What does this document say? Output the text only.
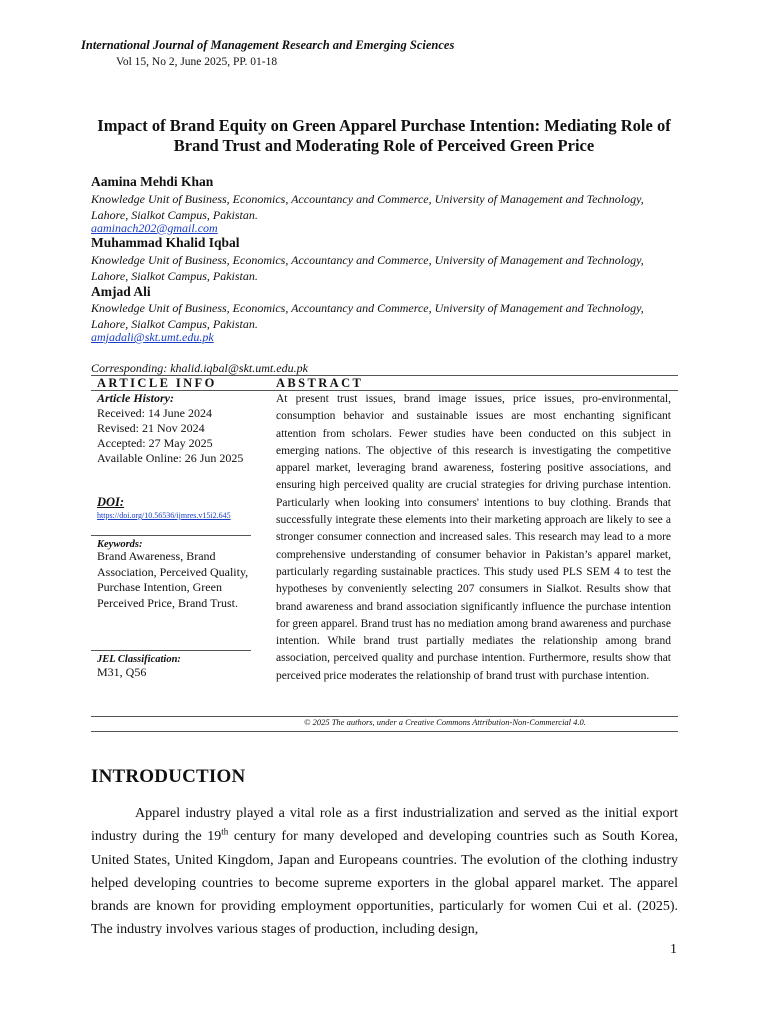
International Journal of Management Research and Emerging Sciences
Vol 15, No 2, June 2025, PP. 01-18
Impact of Brand Equity on Green Apparel Purchase Intention: Mediating Role of Brand Trust and Moderating Role of Perceived Green Price
Aamina Mehdi Khan
Knowledge Unit of Business, Economics, Accountancy and Commerce, University of Management and Technology, Lahore, Sialkot Campus, Pakistan.
aaminach202@gmail.com
Muhammad Khalid Iqbal
Knowledge Unit of Business, Economics, Accountancy and Commerce, University of Management and Technology, Lahore, Sialkot Campus, Pakistan.
Amjad Ali
Knowledge Unit of Business, Economics, Accountancy and Commerce, University of Management and Technology, Lahore, Sialkot Campus, Pakistan.
amjadali@skt.umt.edu.pk
Corresponding: khalid.iqbal@skt.umt.edu.pk
ARTICLE INFO	ABSTRACT
Article History:
Received: 14 June 2024
Revised: 21 Nov 2024
Accepted: 27 May 2025
Available Online: 26 Jun 2025
DOI:
https://doi.org/10.56536/ijmres.v15i2.645
Keywords:
Brand Awareness, Brand Association, Perceived Quality, Purchase Intention, Green Perceived Price, Brand Trust.
JEL Classification:
M31, Q56
At present trust issues, brand image issues, price issues, pro-environmental, consumption behavior and sustainable issues are most enchanting significant attention from scholars. Fewer studies have been conducted on this subject in emerging nations. The objective of this research is investigating the competitive apparel market, leveraging brand awareness, fostering positive associations, and ensuring high perceived quality are crucial strategies for driving purchase intention. Particularly when looking into consumers' intentions to buy clothing. Brands that successfully integrate these elements into their marketing approach are likely to see a stronger consumer connection and increased sales. This research may lead to a more comprehensive understanding of consumer behavior in Pakistan’s apparel market, particularly regarding sustainable practices. This study used PLS SEM 4 to test the hypotheses by conveniently selecting 207 consumers in Sialkot. Results show that brand awareness and brand association significantly influence the purchase intention for green apparel. Brand trust has no mediation among brand awareness and purchase intention. While brand trust partially mediates the relationship among brand association, perceived quality and purchase intention. Furthermore, results show that perceived price moderates the relationship of brand trust with purchase intention.
© 2025 The authors, under a Creative Commons Attribution-Non-Commercial 4.0.
INTRODUCTION
Apparel industry played a vital role as a first industrialization and served as the initial export industry during the 19th century for many developed and developing countries such as South Korea, United States, United Kingdom, Japan and Europeans countries. The evolution of the clothing industry helped developing countries to become supreme exporters in the global apparel market. The apparel brands are known for providing employment opportunities, particularly for women Cui et al. (2025). The industry involves various stages of production, including design,
1
